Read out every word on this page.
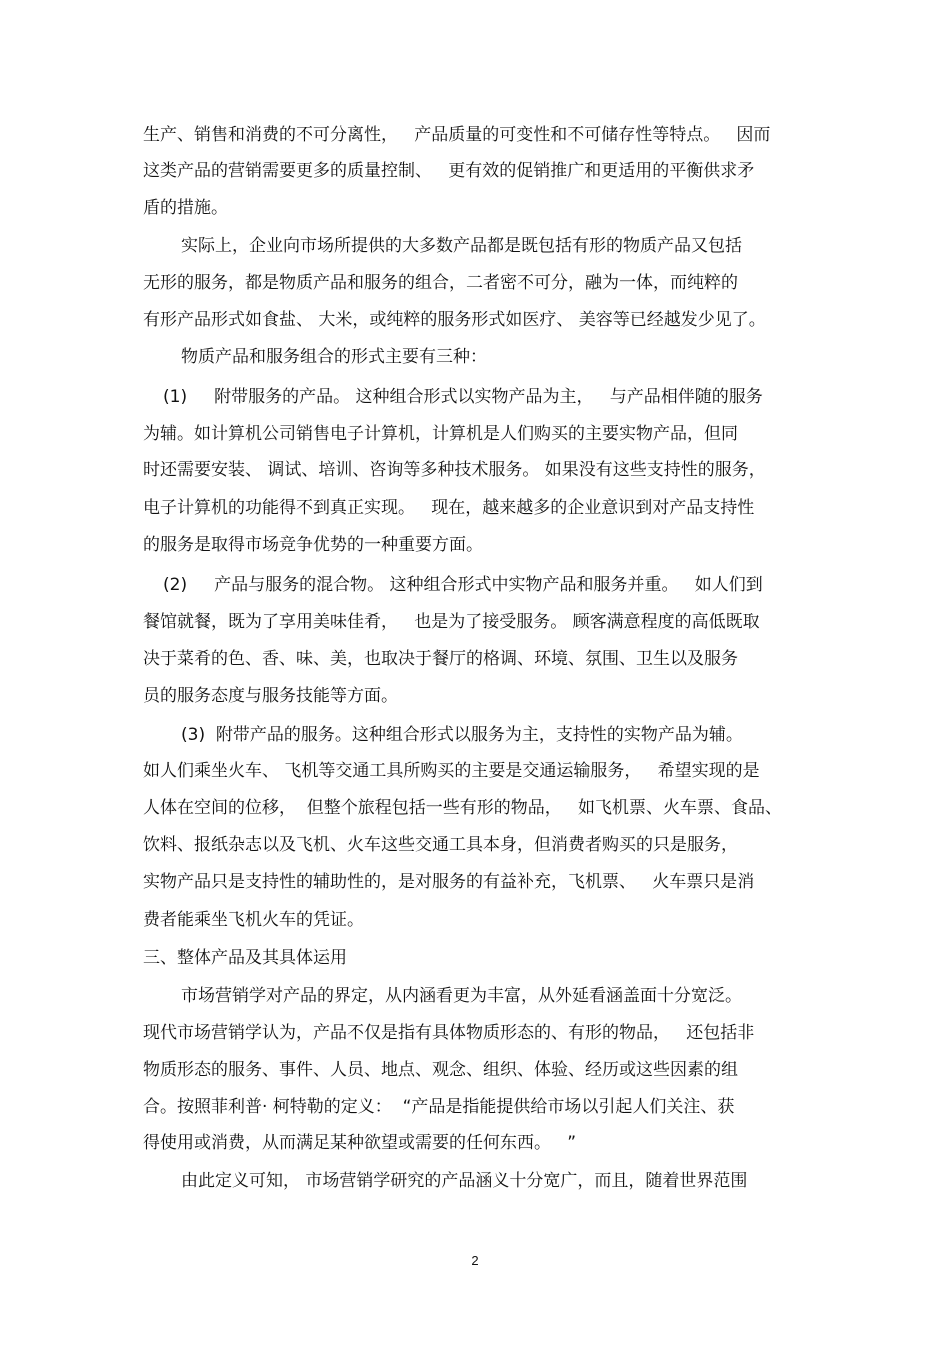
生产、销售和消费的不可分离性，   产品质量的可变性和不可储存性等特点。   因而
这类产品的营销需要更多的质量控制、   更有效的促销推广和更适用的平衡供求矛
盾的措施。
实际上，企业向市场所提供的大多数产品都是既包括有形的物质产品又包括
无形的服务，都是物质产品和服务的组合，二者密不可分，融为一体，而纯粹的
有形产品形式如食盐、 大米，或纯粹的服务形式如医疗、 美容等已经越发少见了。
物质产品和服务组合的形式主要有三种：
(1)     附带服务的产品。 这种组合形式以实物产品为主，   与产品相伴随的服务
为辅。如计算机公司销售电子计算机，计算机是人们购买的主要实物产品，但同
时还需要安装、 调试、培训、咨询等多种技术服务。 如果没有这些支持性的服务，
电子计算机的功能得不到真正实现。   现在，越来越多的企业意识到对产品支持性
的服务是取得市场竞争优势的一种重要方面。
(2)     产品与服务的混合物。 这种组合形式中实物产品和服务并重。   如人们到
餐馆就餐，既为了享用美味佳肴，   也是为了接受服务。 顾客满意程度的高低既取
决于菜肴的色、香、味、美，也取决于餐厅的格调、环境、氛围、卫生以及服务
员的服务态度与服务技能等方面。
(3)  附带产品的服务。这种组合形式以服务为主，支持性的实物产品为辅。
如人们乘坐火车、 飞机等交通工具所购买的主要是交通运输服务，   希望实现的是
人体在空间的位移，  但整个旅程包括一些有形的物品，   如飞机票、火车票、食品、
饮料、报纸杂志以及飞机、火车这些交通工具本身，但消费者购买的只是服务，
实物产品只是支持性的辅助性的，是对服务的有益补充，飞机票、   火车票只是消
费者能乘坐飞机火车的凭证。
三、整体产品及其具体运用
市场营销学对产品的界定，从内涵看更为丰富，从外延看涵盖面十分宽泛。
现代市场营销学认为，产品不仅是指有具体物质形态的、有形的物品，   还包括非
物质形态的服务、事件、人员、地点、观念、组织、体验、经历或这些因素的组
合。按照菲利普· 柯特勒的定义：  “产品是指能提供给市场以引起人们关注、获
得使用或消费，从而满足某种欲望或需要的任何东西。   ”
由此定义可知， 市场营销学研究的产品涵义十分宽广，而且，随着世界范围
2
